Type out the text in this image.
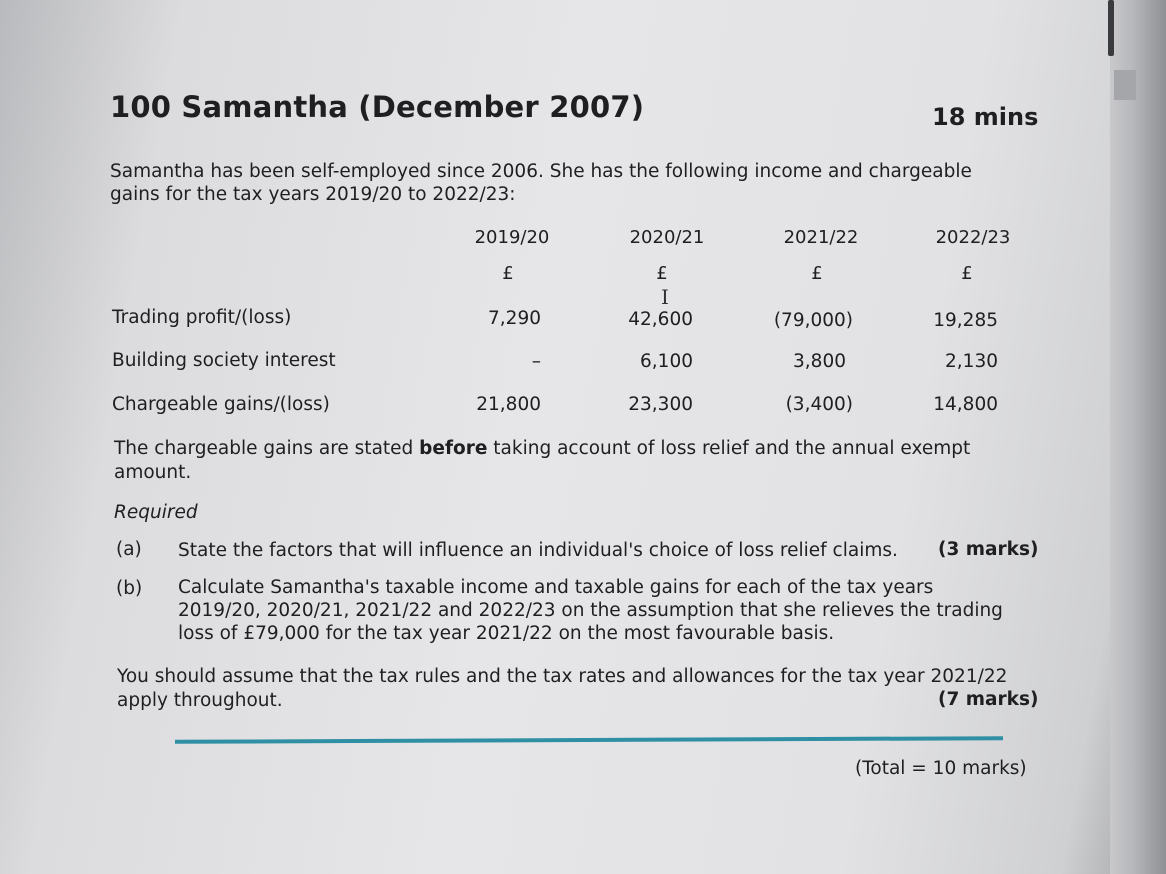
100 Samantha (December 2007)	18 mins
Samantha has been self-employed since 2006. She has the following income and chargeable gains for the tax years 2019/20 to 2022/23:
2019/20	2020/21	2021/22	2022/23
£	£	£	£
I
Trading profit/(loss)	7,290	42,600	(79,000)	19,285
Building society interest	–	6,100	3,800	2,130
Chargeable gains/(loss)	21,800	23,300	(3,400)	14,800
The chargeable gains are stated before taking account of loss relief and the annual exempt amount.
Required
(a) State the factors that will influence an individual's choice of loss relief claims.	(3 marks)
(b) Calculate Samantha's taxable income and taxable gains for each of the tax years 2019/20, 2020/21, 2021/22 and 2022/23 on the assumption that she relieves the trading loss of £79,000 for the tax year 2021/22 on the most favourable basis.
You should assume that the tax rules and the tax rates and allowances for the tax year 2021/22 apply throughout.	(7 marks)
(Total = 10 marks)
